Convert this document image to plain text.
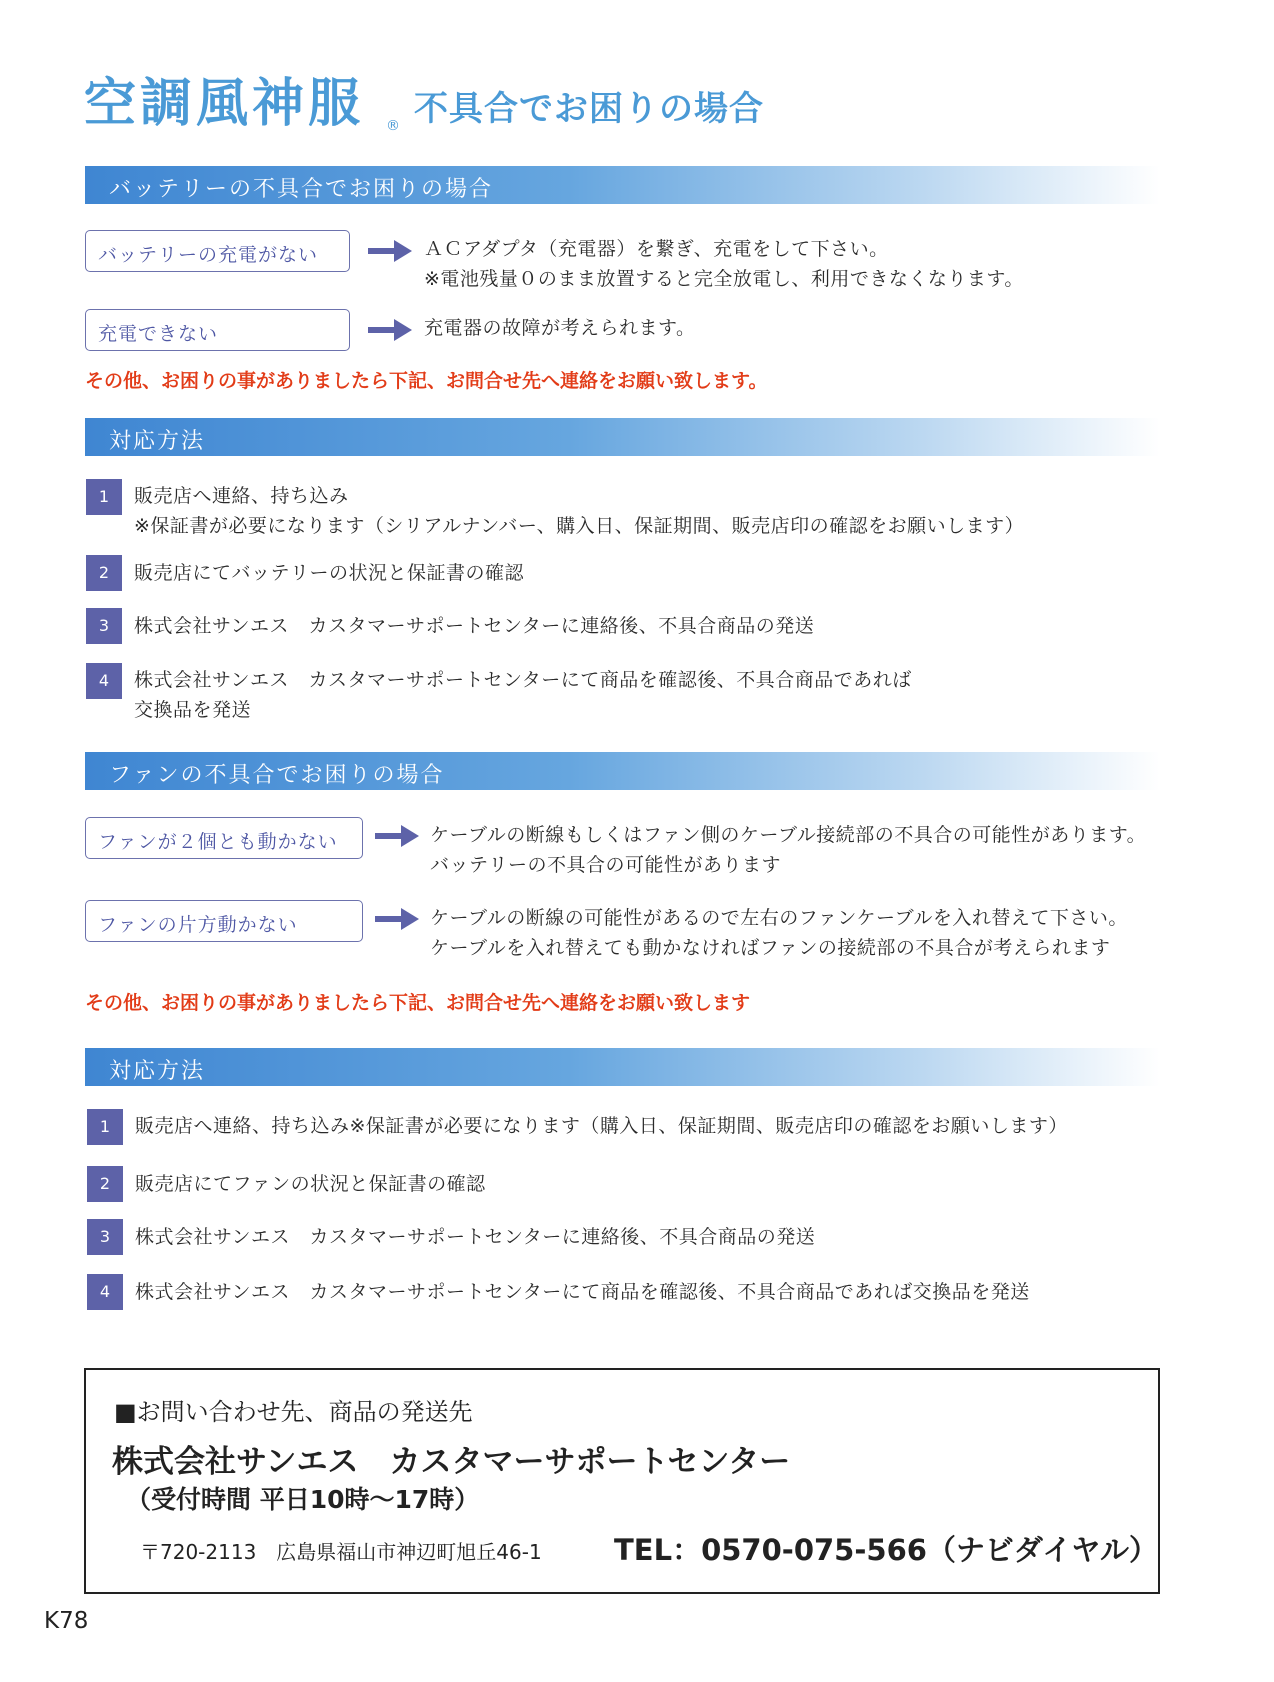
空調風神服 ® 不具合でお困りの場合
バッテリーの不具合でお困りの場合
バッテリーの充電がない	ＡＣアダプタ（充電器）を繋ぎ、充電をして下さい。
※電池残量０のまま放置すると完全放電し、利用できなくなります。
充電できない	充電器の故障が考えられます。
その他、お困りの事がありましたら下記、お問合せ先へ連絡をお願い致します。
対応方法
1	販売店へ連絡、持ち込み
※保証書が必要になります（シリアルナンバー、購入日、保証期間、販売店印の確認をお願いします）
2	販売店にてバッテリーの状況と保証書の確認
3	株式会社サンエス　カスタマーサポートセンターに連絡後、不具合商品の発送
4	株式会社サンエス　カスタマーサポートセンターにて商品を確認後、不具合商品であれば
交換品を発送
ファンの不具合でお困りの場合
ファンが２個とも動かない	ケーブルの断線もしくはファン側のケーブル接続部の不具合の可能性があります。
バッテリーの不具合の可能性があります
ファンの片方動かない	ケーブルの断線の可能性があるので左右のファンケーブルを入れ替えて下さい。
ケーブルを入れ替えても動かなければファンの接続部の不具合が考えられます
その他、お困りの事がありましたら下記、お問合せ先へ連絡をお願い致します
対応方法
1	販売店へ連絡、持ち込み※保証書が必要になります（購入日、保証期間、販売店印の確認をお願いします）
2	販売店にてファンの状況と保証書の確認
3	株式会社サンエス　カスタマーサポートセンターに連絡後、不具合商品の発送
4	株式会社サンエス　カスタマーサポートセンターにて商品を確認後、不具合商品であれば交換品を発送
■お問い合わせ先、商品の発送先
株式会社サンエス　カスタマーサポートセンター
（受付時間 平日10時〜17時）
〒720-2113　広島県福山市神辺町旭丘46-1 TEL：0570-075-566（ナビダイヤル）
K78
